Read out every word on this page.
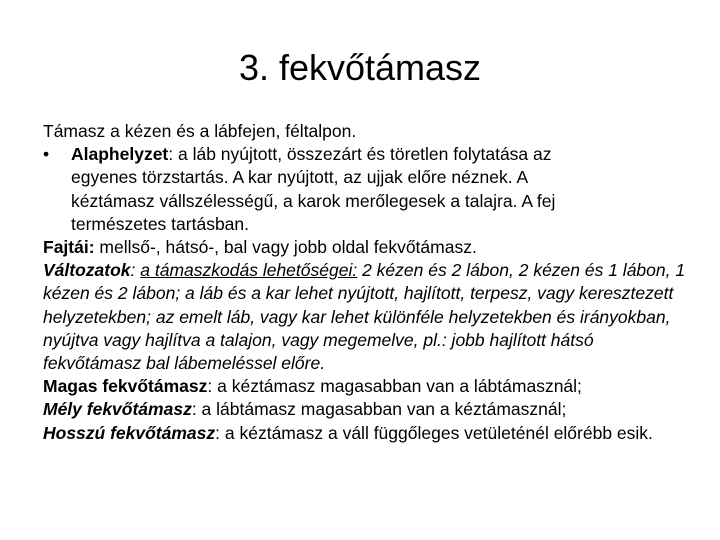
3. fekvőtámasz

Támasz a kézen és a lábfejen, féltalpon.

• Alaphelyzet: a láb nyújtott, összezárt és töretlen folytatása az
egyenes törzstartás. A kar nyújtott, az ujjak előre néznek. A
kéztámasz vállszélességű, a karok merőlegesek a talajra. A fej
természetes tartásban.

Fajtái: mellső-, hátsó-, bal vagy jobb oldal fekvőtámasz.

Változatok: a támaszkodás lehetőségei: 2 kézen és 2 lábon, 2 kézen és 1 lábon, 1 kézen és 2 lábon; a láb és a kar lehet nyújtott, hajlított, terpesz, vagy keresztezett helyzetekben; az emelt láb, vagy kar lehet különféle helyzetekben és irányokban, nyújtva vagy hajlítva a talajon, vagy megemelve, pl.: jobb hajlított hátsó fekvőtámasz bal lábemeléssel előre.

Magas fekvőtámasz: a kéztámasz magasabban van a lábtámasznál;

Mély fekvőtámasz: a lábtámasz magasabban van a kéztámasznál;

Hosszú fekvőtámasz: a kéztámasz a váll függőleges vetületénél előrébb esik.
